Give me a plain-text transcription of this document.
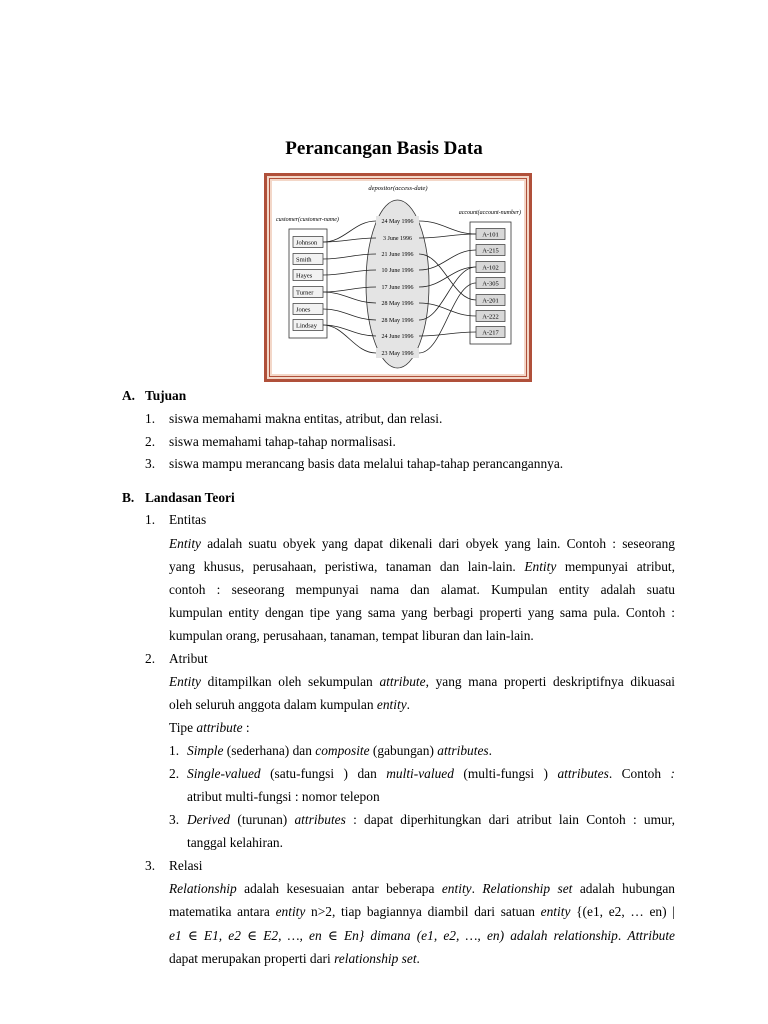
Perancangan Basis Data
depositor(access-date)
customer(customer-name)
account(account-number)
Johnson
Smith
Hayes
Turner
Jones
Lindsay
A-101
A-215
A-102
A-305
A-201
A-222
A-217
24 May 1996
3 June 1996
21 June 1996
10 June 1996
17 June 1996
28 May 1996
28 May 1996
24 June 1996
23 May 1996
A. Tujuan
1. siswa memahami makna entitas, atribut, dan relasi.
2. siswa memahami tahap-tahap normalisasi.
3. siswa mampu merancang basis data melalui tahap-tahap perancangannya.
B. Landasan Teori
1. Entitas
Entity adalah suatu obyek yang dapat dikenali dari obyek yang lain. Contoh : seseorang
yang khusus, perusahaan, peristiwa, tanaman dan lain-lain. Entity mempunyai atribut,
contoh : seseorang mempunyai nama dan alamat. Kumpulan entity adalah suatu
kumpulan entity dengan tipe yang sama yang berbagi properti yang sama pula. Contoh :
kumpulan orang, perusahaan, tanaman, tempat liburan dan lain-lain.
2. Atribut
Entity ditampilkan oleh sekumpulan attribute, yang mana properti deskriptifnya dikuasai
oleh seluruh anggota dalam kumpulan entity.
Tipe attribute :
1. Simple (sederhana) dan composite (gabungan) attributes.
2. Single-valued (satu-fungsi ) dan multi-valued (multi-fungsi ) attributes. Contoh :
atribut multi-fungsi : nomor telepon
3. Derived (turunan) attributes : dapat diperhitungkan dari atribut lain Contoh : umur,
tanggal kelahiran.
3. Relasi
Relationship adalah kesesuaian antar beberapa entity. Relationship set adalah hubungan
matematika antara entity n>2, tiap bagiannya diambil dari satuan entity {(e1, e2, … en) |
e1 ∈ E1, e2 ∈ E2, …, en ∈ En} dimana (e1, e2, …, en) adalah relationship. Attribute
dapat merupakan properti dari relationship set.
